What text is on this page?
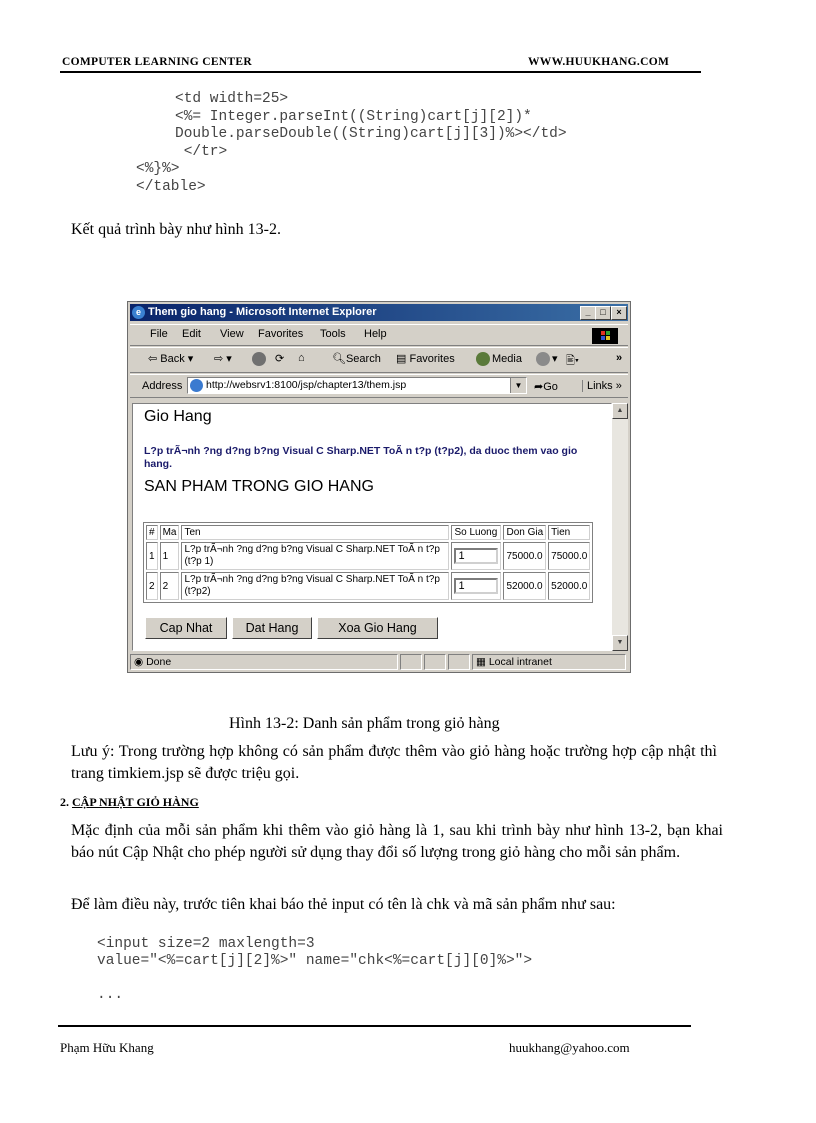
COMPUTER LEARNING CENTER	WWW.HUUKHANG.COM
<td width=25>
<%= Integer.parseInt((String)cart[j][2])*
Double.parseDouble((String)cart[j][3])%></td>
</tr>
<%}%>
</table>
Kết quả trình bày như hình 13-2.
e Them gio hang - Microsoft Internet Explorer	_	□	×
File Edit View Favorites Tools Help
⇦ Back ▾ ⇨ ▾	⟳ ⌂ 🔍︎Search ▤ Favorites	Media	▾ 🖹︎▾	»
Address	http://websrv1:8100/jsp/chapter13/them.jsp	▼	➦Go	Links »
Gio Hang
L?p trÃ¬nh ?ng d?ng b?ng Visual C Sharp.NET ToÃ n t?p (t?p2), da duoc them vao gio hang.
SAN PHAM TRONG GIO HANG
#	Ma	Ten	So Luong	Don Gia	Tien
1	1	L?p trÃ¬nh ?ng d?ng b?ng Visual C Sharp.NET ToÃ n t?p (t?p 1)	1	75000.0	75000.0
2	2	L?p trÃ¬nh ?ng d?ng b?ng Visual C Sharp.NET ToÃ n t?p (t?p2)	1	52000.0	52000.0
Cap Nhat	Dat Hang	Xoa Gio Hang
▲
▼
◉ Done	▦ Local intranet
Hình 13-2: Danh sản phẩm trong giỏ hàng
Lưu ý: Trong trường hợp không có sản phẩm được thêm vào giỏ hàng hoặc trường hợp cập nhật thì trang timkiem.jsp sẽ được triệu gọi.
2. CẬP NHẬT GIỎ HÀNG
Mặc định của mỗi sản phẩm khi thêm vào giỏ hàng là 1, sau khi trình bày như hình 13-2, bạn khai báo nút Cập Nhật cho phép người sử dụng thay đổi số lượng trong giỏ hàng cho mỗi sản phẩm.
Để làm điều này, trước tiên khai báo thẻ input có tên là chk và mã sản phẩm như sau:
<input size=2 maxlength=3
value="<%=cart[j][2]%>" name="chk<%=cart[j][0]%>">
...
Phạm Hữu Khang	huukhang@yahoo.com
